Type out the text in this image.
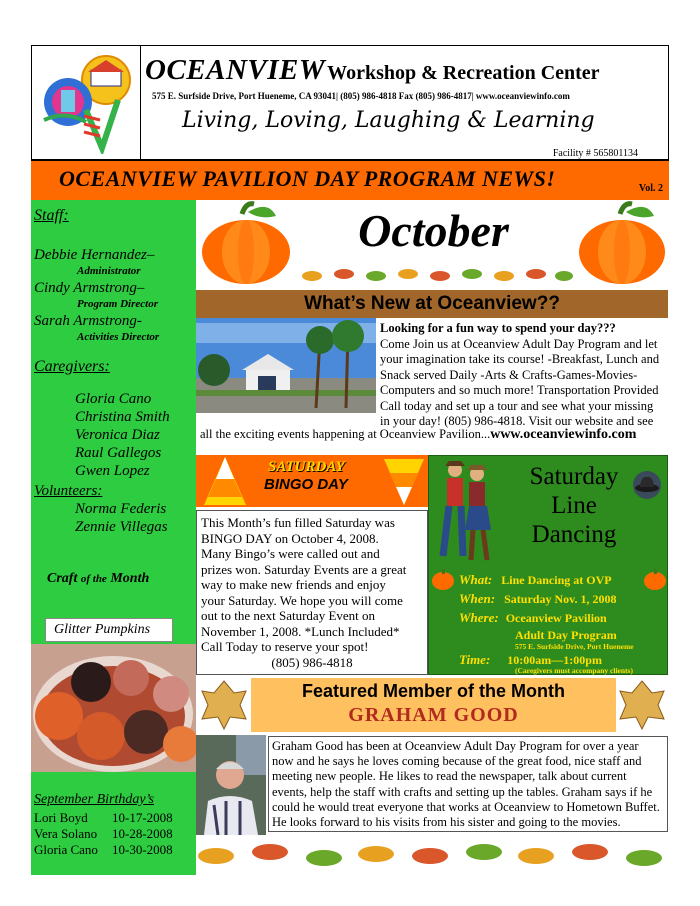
OCEANVIEW Workshop & Recreation Center
575 E. Surfside Drive, Port Hueneme, CA 93041| (805) 986-4818 Fax (805) 986-4817| www.oceanviewinfo.com
Living, Loving, Laughing & Learning
Facility # 565801134
OCEANVIEW PAVILION DAY PROGRAM NEWS!	Vol. 2
Staff:
Debbie Hernandez–
Administrator
Cindy Armstrong–
Program Director
Sarah Armstrong-
Activities Director
Caregivers:
Gloria Cano
Christina Smith
Veronica Diaz
Raul Gallegos
Gwen Lopez
Volunteers:
Norma Federis
Zennie Villegas
Craft of the Month
Glitter Pumpkins
September Birthday’s
Lori Boyd 10-17-2008
Vera Solano 10-28-2008
Gloria Cano 10-30-2008
October
What’s New at Oceanview??
Looking for a fun way to spend your day???
Come Join us at Oceanview Adult Day Program and let
your imagination take its course! -Breakfast, Lunch and
Snack served Daily -Arts & Crafts-Games-Movies-
Computers and so much more! Transportation Provided
Call today and set up a tour and see what your missing
in your day! (805) 986-4818. Visit our website and see
all the exciting events happening at Oceanview Pavilion...www.oceanviewinfo.com
SATURDAY
BINGO DAY
This Month’s fun filled Saturday was
BINGO DAY on October 4, 2008.
Many Bingo’s were called out and
prizes won. Saturday Events are a great
way to make new friends and enjoy
your Saturday. We hope you will come
out to the next Saturday Event on
November 1, 2008. *Lunch Included*
Call Today to reserve your spot!
(805) 986-4818
Saturday
Line
Dancing
What: Line Dancing at OVP
When: Saturday Nov. 1, 2008
Where: Oceanview Pavilion
Adult Day Program
575 E. Surfside Drive, Port Hueneme
Time: 10:00am—1:00pm
(Caregivers must accompany clients)
Featured Member of the Month
GRAHAM GOOD
Graham Good has been at Oceanview Adult Day Program for over a year
now and he says he loves coming because of the great food, nice staff and
meeting new people. He likes to read the newspaper, talk about current
events, help the staff with crafts and setting up the tables. Graham says if he
could he would treat everyone that works at Oceanview to Hometown Buffet.
He looks forward to his visits from his sister and going to the movies.
